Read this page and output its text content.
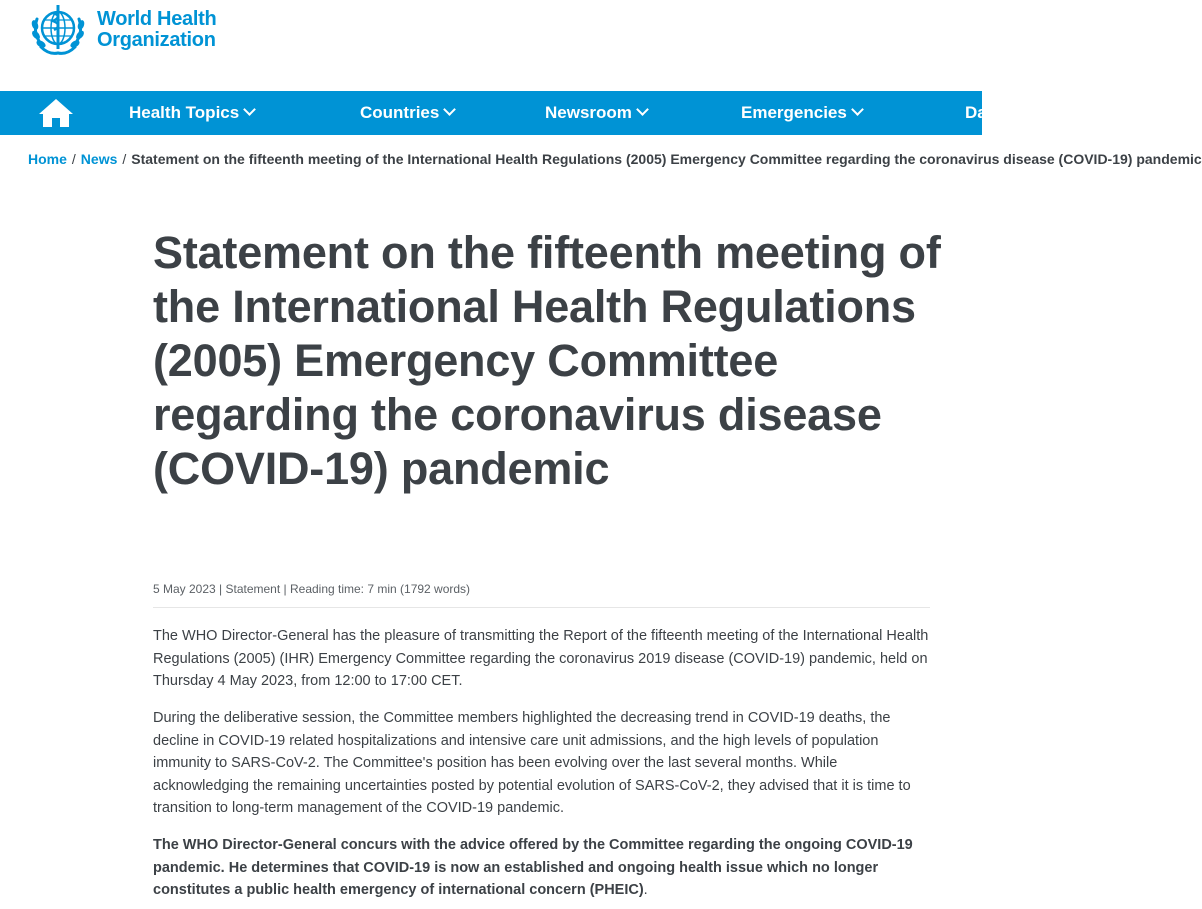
World Health
Organization
Health Topics	Countries	Newsroom	Emergencies	Da
Home / News / Statement on the fifteenth meeting of the International Health Regulations (2005) Emergency Committee regarding the coronavirus disease (COVID-19) pandemic
Statement on the fifteenth meeting of the International Health Regulations (2005) Emergency Committee regarding the coronavirus disease (COVID-19) pandemic
5 May 2023 | Statement | Reading time: 7 min (1792 words)

The WHO Director-General has the pleasure of transmitting the Report of the fifteenth meeting of the International Health Regulations (2005) (IHR) Emergency Committee regarding the coronavirus 2019 disease (COVID-19) pandemic, held on Thursday 4 May 2023, from 12:00 to 17:00 CET.

During the deliberative session, the Committee members highlighted the decreasing trend in COVID-19 deaths, the decline in COVID-19 related hospitalizations and intensive care unit admissions, and the high levels of population immunity to SARS-CoV-2. The Committee's position has been evolving over the last several months. While acknowledging the remaining uncertainties posted by potential evolution of SARS-CoV-2, they advised that it is time to transition to long-term management of the COVID-19 pandemic.

The WHO Director-General concurs with the advice offered by the Committee regarding the ongoing COVID-19 pandemic. He determines that COVID-19 is now an established and ongoing health issue which no longer constitutes a public health emergency of international concern (PHEIC).
